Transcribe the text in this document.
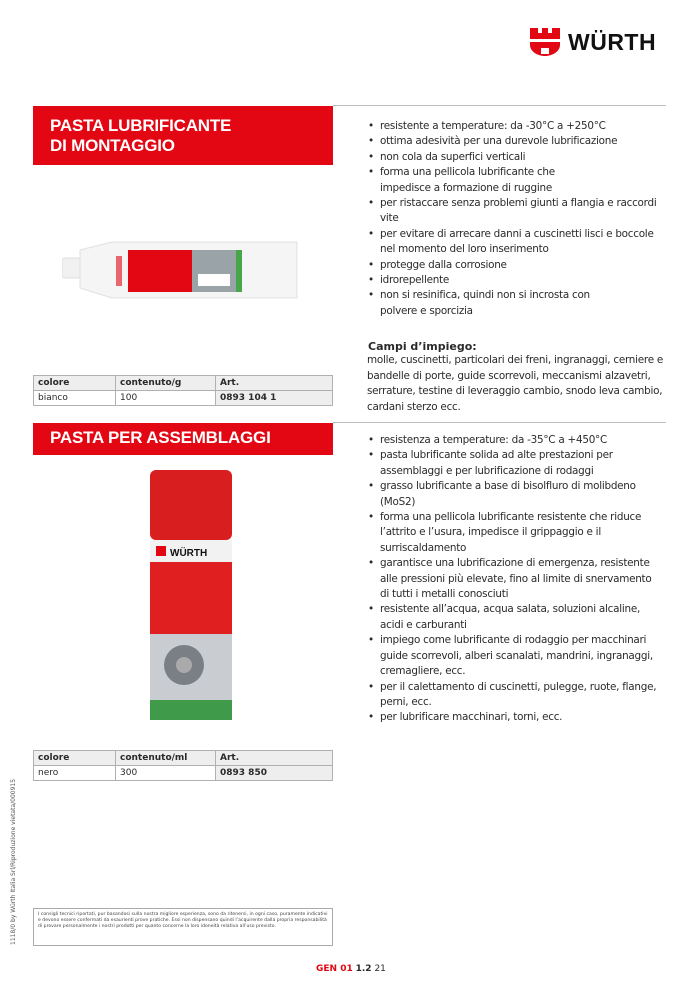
WÜRTH
PASTA LUBRIFICANTE
DI MONTAGGIO
• resistente a temperature: da -30°C a +250°C
• ottima adesività per una durevole lubrificazione
• non cola da superfici verticali
• forma una pellicola lubrificante che impedisce a formazione di ruggine
• per ristaccare senza problemi giunti a flangia e raccordi vite
• per evitare di arrecare danni a cuscinetti lisci e boccole nel momento del loro inserimento
• protegge dalla corrosione
• idrorepellente
• non si resinifica, quindi non si incrosta con polvere e sporcizia
Campi d’impiego:
molle, cuscinetti, particolari dei freni, ingranaggi, cerniere e bandelle di porte, guide scorrevoli, meccanismi alzavetri, serrature, testine di leveraggio cambio, snodo leva cambio, cardani sterzo ecc.
colore	contenuto/g	Art.
bianco	100	0893 104 1
PASTA PER ASSEMBLAGGI
WÜRTH
• resistenza a temperature: da -35°C a +450°C
• pasta lubrificante solida ad alte prestazioni per assemblaggi e per lubrificazione di rodaggi
• grasso lubrificante a base di bisolfluro di molibdeno (MoS2)
• forma una pellicola lubrificante resistente che riduce l’attrito e l’usura, impedisce il grippaggio e il surriscaldamento
• garantisce una lubrificazione di emergenza, resistente alle pressioni più elevate, fino al limite di snervamento di tutti i metalli conosciuti
• resistente all’acqua, acqua salata, soluzioni alcaline, acidi e carburanti
• impiego come lubrificante di rodaggio per macchinari guide scorrevoli, alberi scanalati, mandrini, ingranaggi, cremagliere, ecc.
• per il calettamento di cuscinetti, pulegge, ruote, flange, perni, ecc.
• per lubrificare macchinari, torni, ecc.
colore	contenuto/ml	Art.
nero	300	0893 850
1118/0 by Würth Italia Srl/Riproduzione vietata/000915	I consigli tecnici riportati, pur basandosi sulla nostra migliore esperienza, sono da ritenersi, in ogni caso, puramente indicativi e devono essere confermati da esaurienti prove pratiche. Essi non dispensano quindi l’acquirente dalla propria responsabilità di provare personalmente i nostri prodotti per quanto concerne la loro idoneità relativa all’uso previsto.
GEN 01 1.2 21
